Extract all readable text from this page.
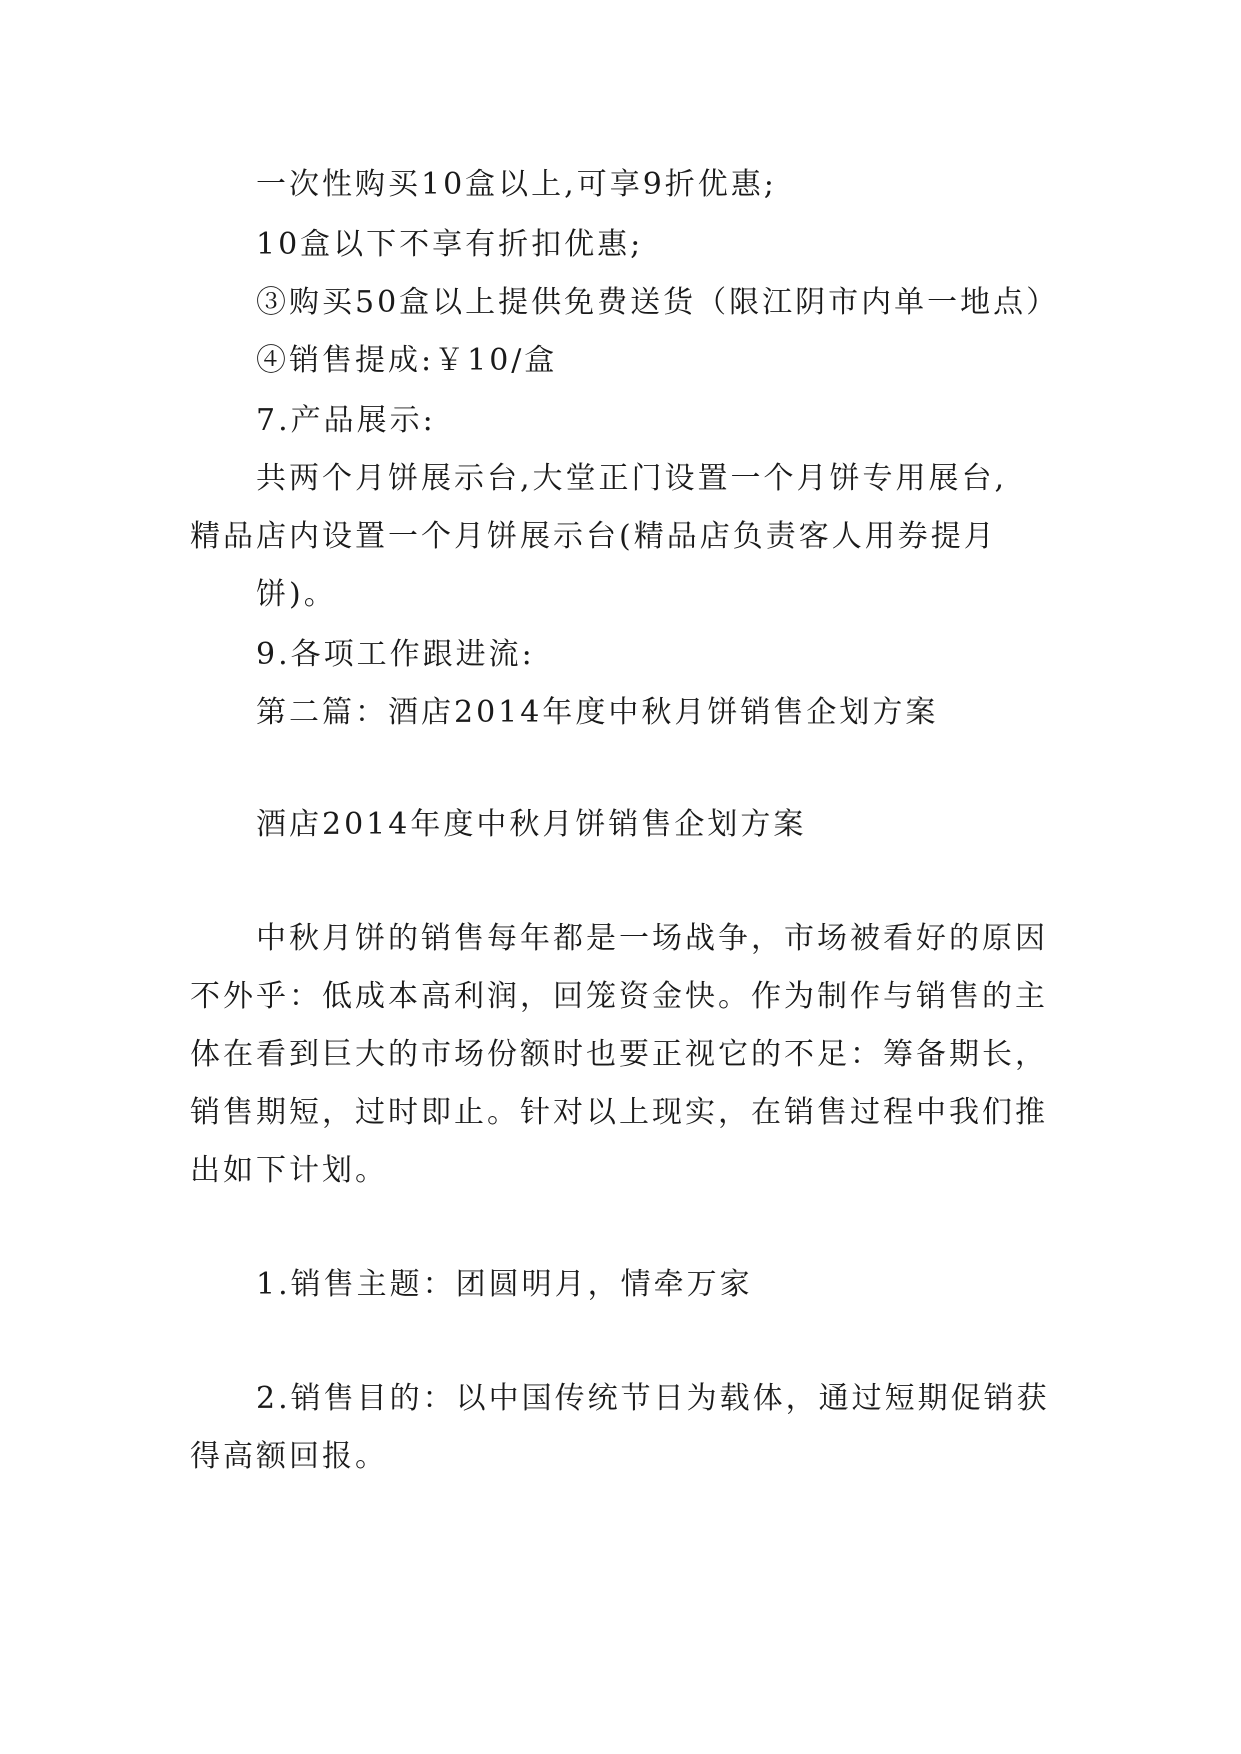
一次性购买10盒以上,可享9折优惠;
10盒以下不享有折扣优惠;
③购买50盒以上提供免费送货（限江阴市内单一地点）
④销售提成:￥10/盒
7.产品展示:
共两个月饼展示台,大堂正门设置一个月饼专用展台,
精品店内设置一个月饼展示台(精品店负责客人用券提月
饼)。
9.各项工作跟进流:
第二篇：酒店2014年度中秋月饼销售企划方案
酒店2014年度中秋月饼销售企划方案
中秋月饼的销售每年都是一场战争，市场被看好的原因
不外乎：低成本高利润，回笼资金快。作为制作与销售的主
体在看到巨大的市场份额时也要正视它的不足：筹备期长，
销售期短，过时即止。针对以上现实，在销售过程中我们推
出如下计划。
1.销售主题：团圆明月，情牵万家
2.销售目的：以中国传统节日为载体，通过短期促销获
得高额回报。
